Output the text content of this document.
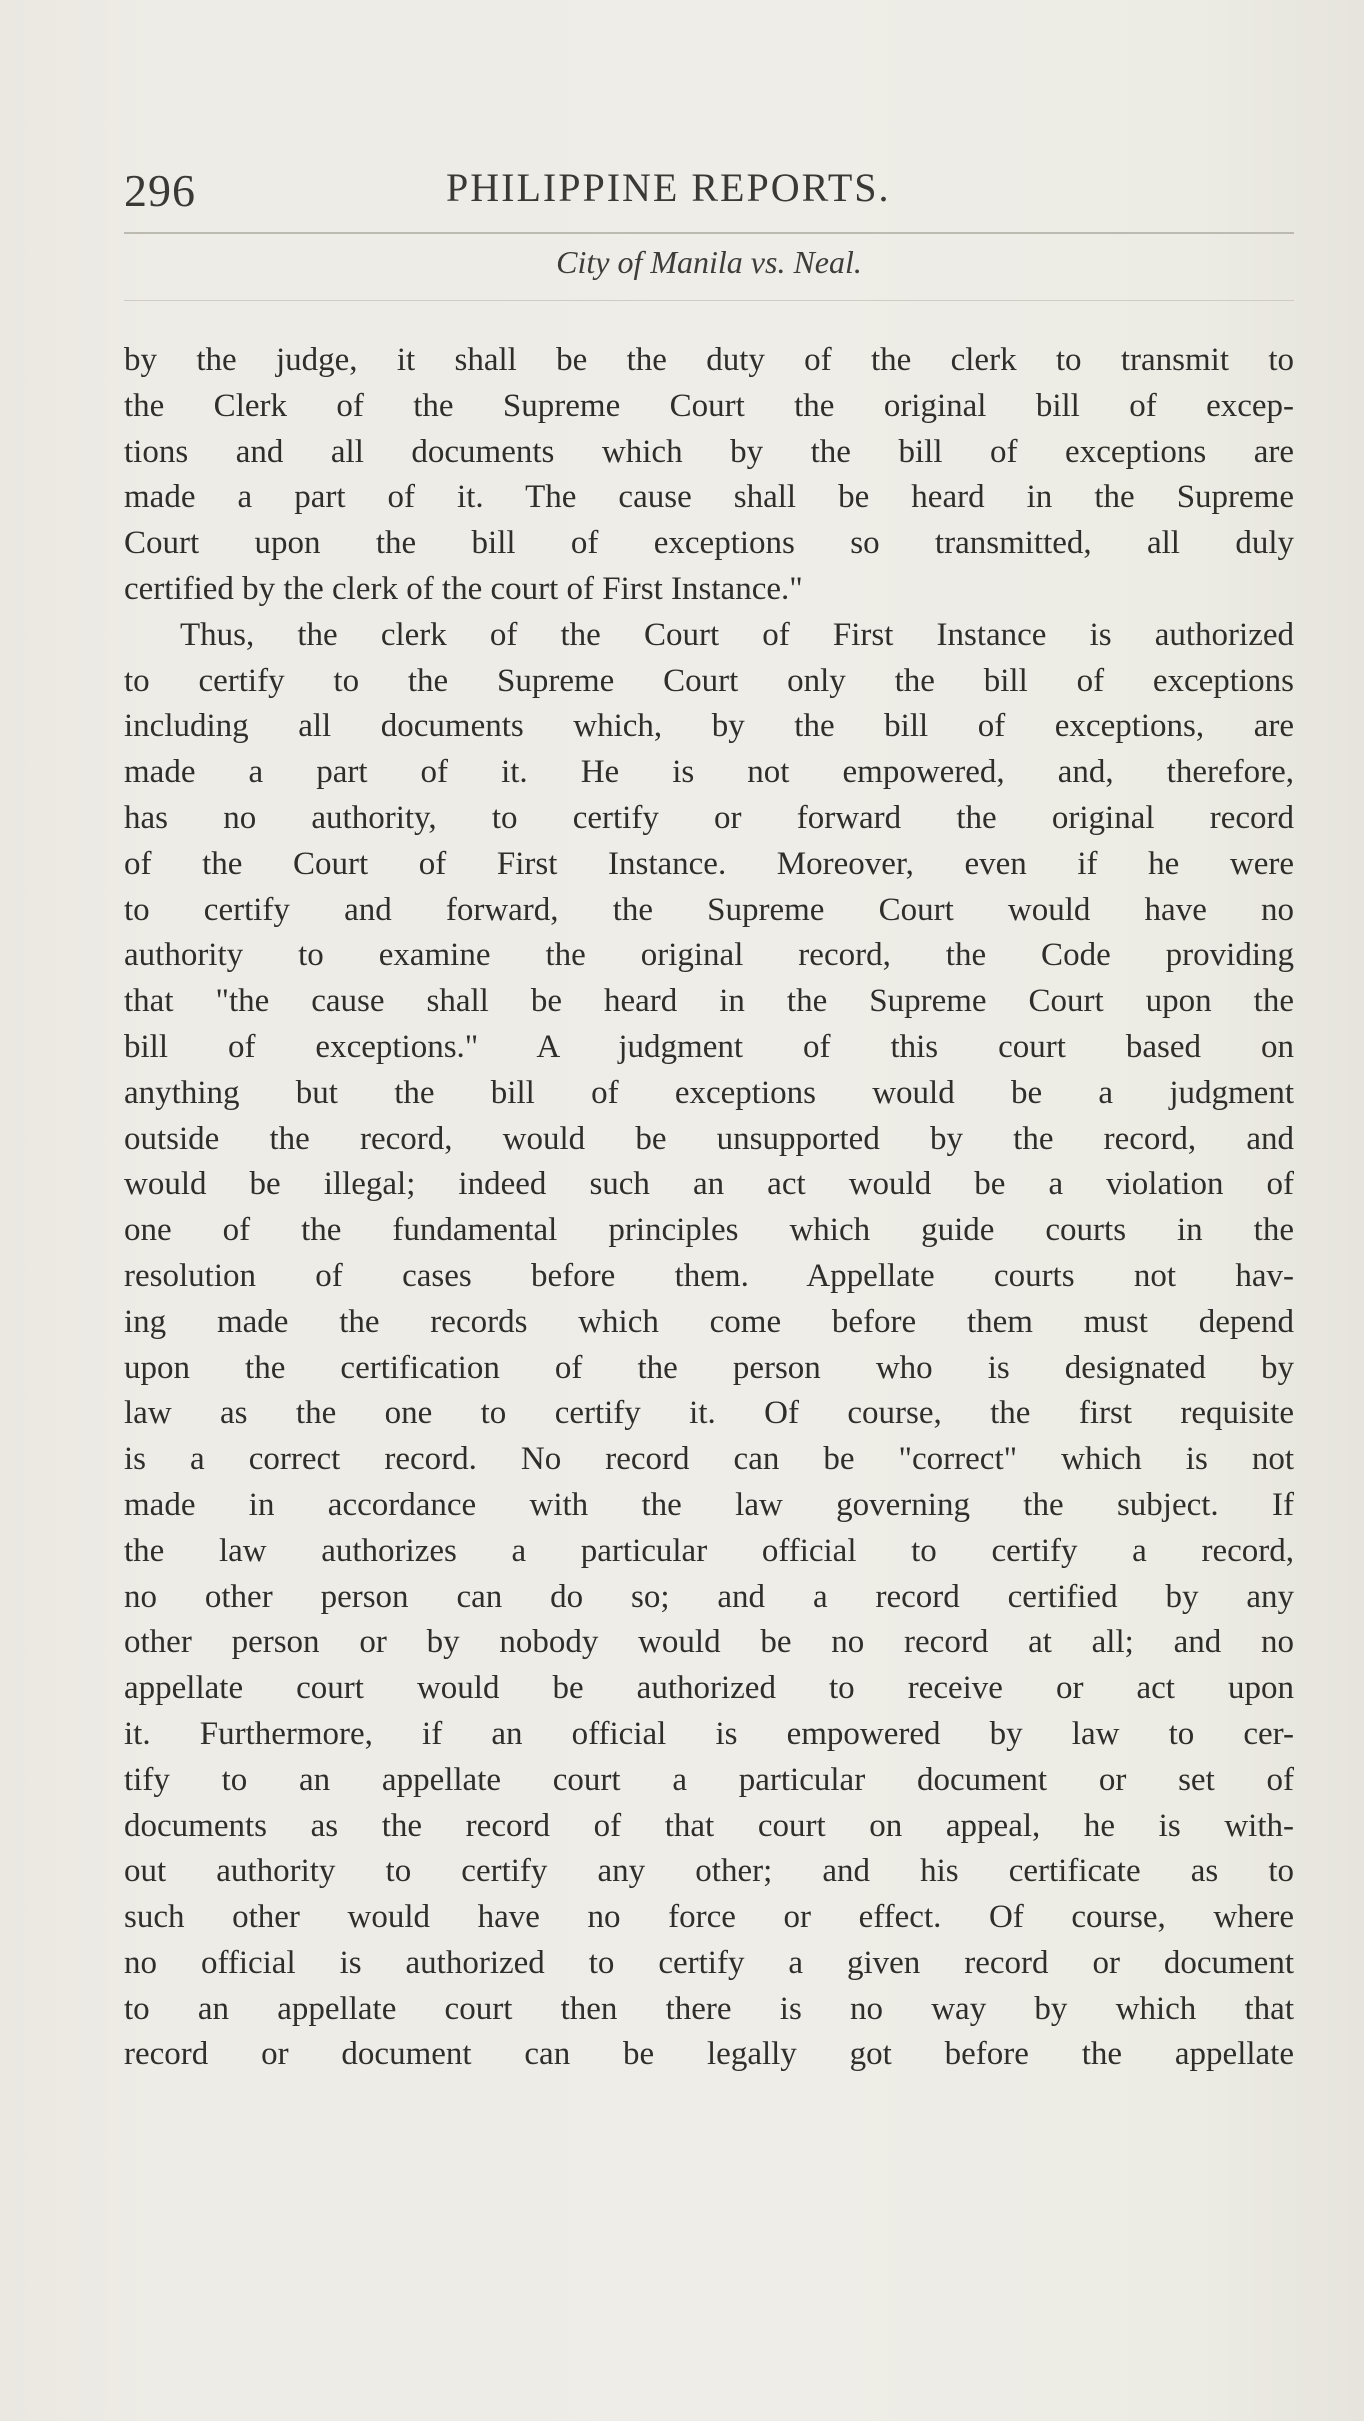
296	PHILIPPINE REPORTS.
City of Manila vs. Neal.

by the judge, it shall be the duty of the clerk to transmit to

the Clerk of the Supreme Court the original bill of excep-

tions and all documents which by the bill of exceptions are

made a part of it. The cause shall be heard in the Supreme

Court upon the bill of exceptions so transmitted, all duly

certified by the clerk of the court of First Instance."

Thus, the clerk of the Court of First Instance is authorized

to certify to the Supreme Court only the bill of exceptions

including all documents which, by the bill of exceptions, are

made a part of it. He is not empowered, and, therefore,

has no authority, to certify or forward the original record

of the Court of First Instance. Moreover, even if he were

to certify and forward, the Supreme Court would have no

authority to examine the original record, the Code providing

that "the cause shall be heard in the Supreme Court upon the

bill of exceptions." A judgment of this court based on

anything but the bill of exceptions would be a judgment

outside the record, would be unsupported by the record, and

would be illegal; indeed such an act would be a violation of

one of the fundamental principles which guide courts in the

resolution of cases before them. Appellate courts not hav-

ing made the records which come before them must depend

upon the certification of the person who is designated by

law as the one to certify it. Of course, the first requisite

is a correct record. No record can be "correct" which is not

made in accordance with the law governing the subject. If

the law authorizes a particular official to certify a record,

no other person can do so; and a record certified by any

other person or by nobody would be no record at all; and no

appellate court would be authorized to receive or act upon

it. Furthermore, if an official is empowered by law to cer-

tify to an appellate court a particular document or set of

documents as the record of that court on appeal, he is with-

out authority to certify any other; and his certificate as to

such other would have no force or effect. Of course, where

no official is authorized to certify a given record or document

to an appellate court then there is no way by which that

record or document can be legally got before the appellate
